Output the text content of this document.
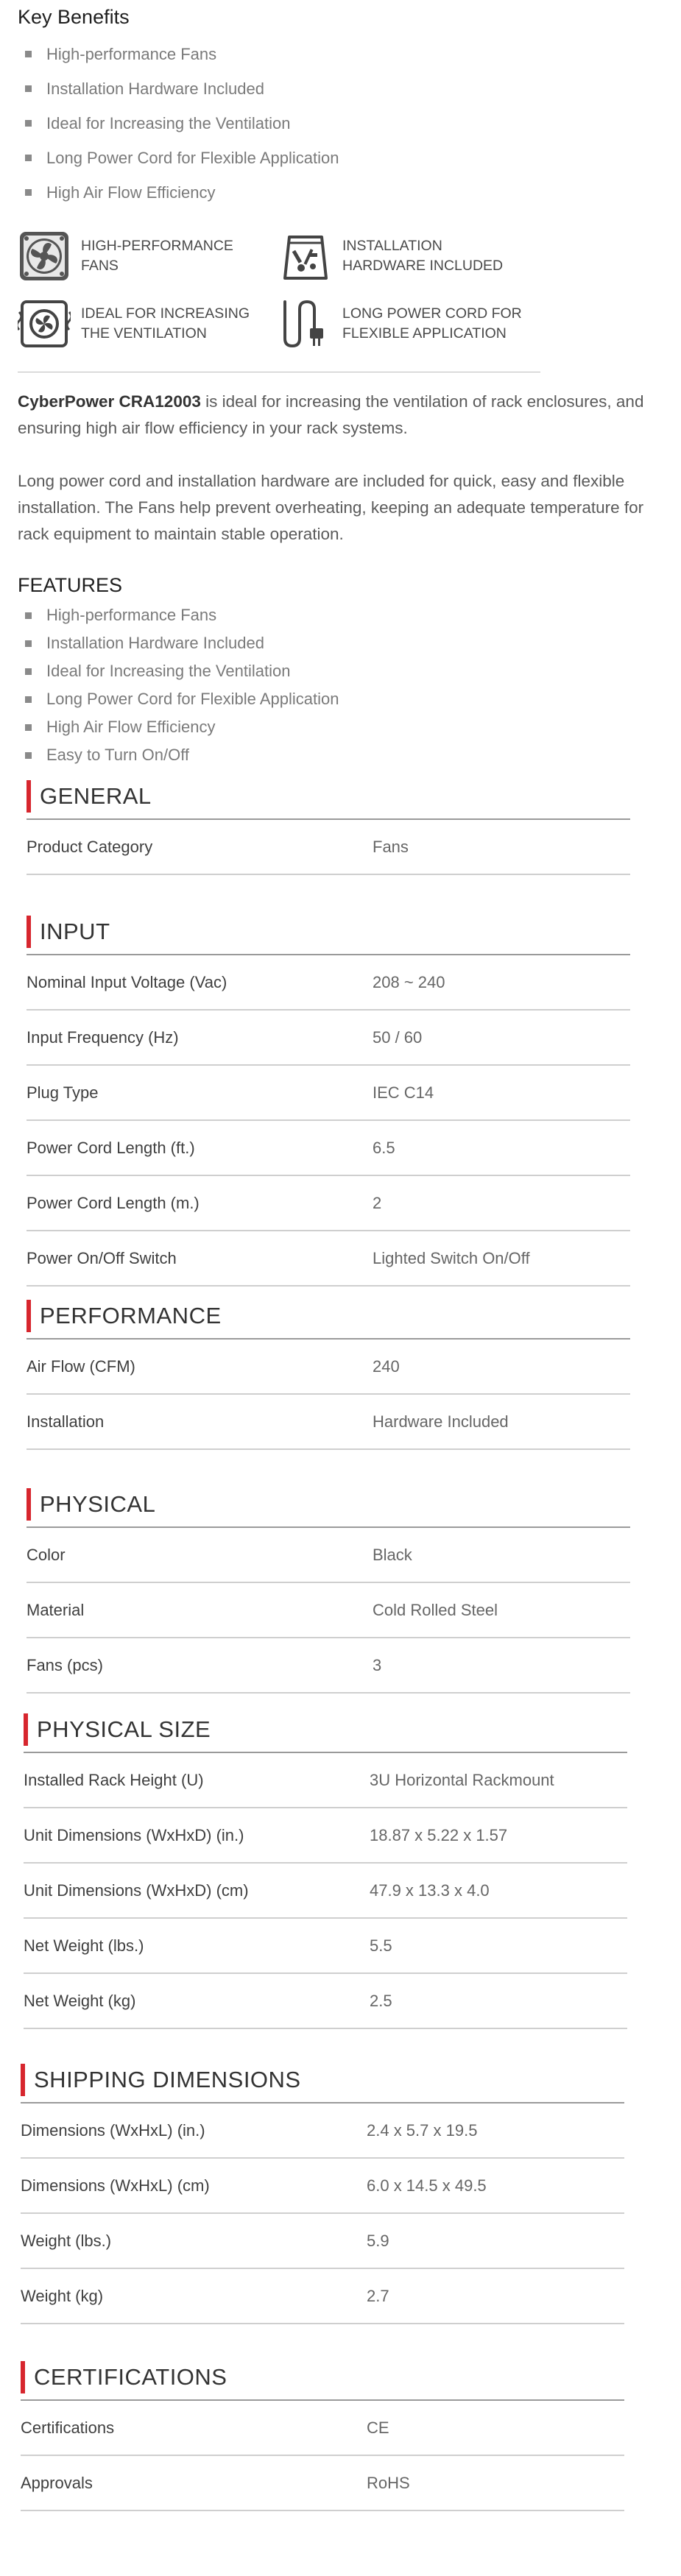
Key Benefits
High-performance Fans
Installation Hardware Included
Ideal for Increasing the Ventilation
Long Power Cord for Flexible Application
High Air Flow Efficiency
HIGH-PERFORMANCE
FANS
INSTALLATION
HARDWARE INCLUDED
IDEAL FOR INCREASING
THE VENTILATION
LONG POWER CORD FOR
FLEXIBLE APPLICATION
CyberPower CRA12003 is ideal for increasing the ventilation of rack enclosures, and ensuring high air flow efficiency in your rack systems.
Long power cord and installation hardware are included for quick, easy and flexible installation. The Fans help prevent overheating, keeping an adequate temperature for rack equipment to maintain stable operation.
FEATURES
High-performance Fans
Installation Hardware Included
Ideal for Increasing the Ventilation
Long Power Cord for Flexible Application
High Air Flow Efficiency
Easy to Turn On/Off
GENERAL
Product Category	Fans
INPUT
Nominal Input Voltage (Vac)	208 ~ 240
Input Frequency (Hz)	50 / 60
Plug Type	IEC C14
Power Cord Length (ft.)	6.5
Power Cord Length (m.)	2
Power On/Off Switch	Lighted Switch On/Off
PERFORMANCE
Air Flow (CFM)	240
Installation	Hardware Included
PHYSICAL
Color	Black
Material	Cold Rolled Steel
Fans (pcs)	3
PHYSICAL SIZE
Installed Rack Height (U)	3U Horizontal Rackmount
Unit Dimensions (WxHxD) (in.)	18.87 x 5.22 x 1.57
Unit Dimensions (WxHxD) (cm)	47.9 x 13.3 x 4.0
Net Weight (lbs.)	5.5
Net Weight (kg)	2.5
SHIPPING DIMENSIONS
Dimensions (WxHxL) (in.)	2.4 x 5.7 x 19.5
Dimensions (WxHxL) (cm)	6.0 x 14.5 x 49.5
Weight (lbs.)	5.9
Weight (kg)	2.7
CERTIFICATIONS
Certifications	CE
Approvals	RoHS
